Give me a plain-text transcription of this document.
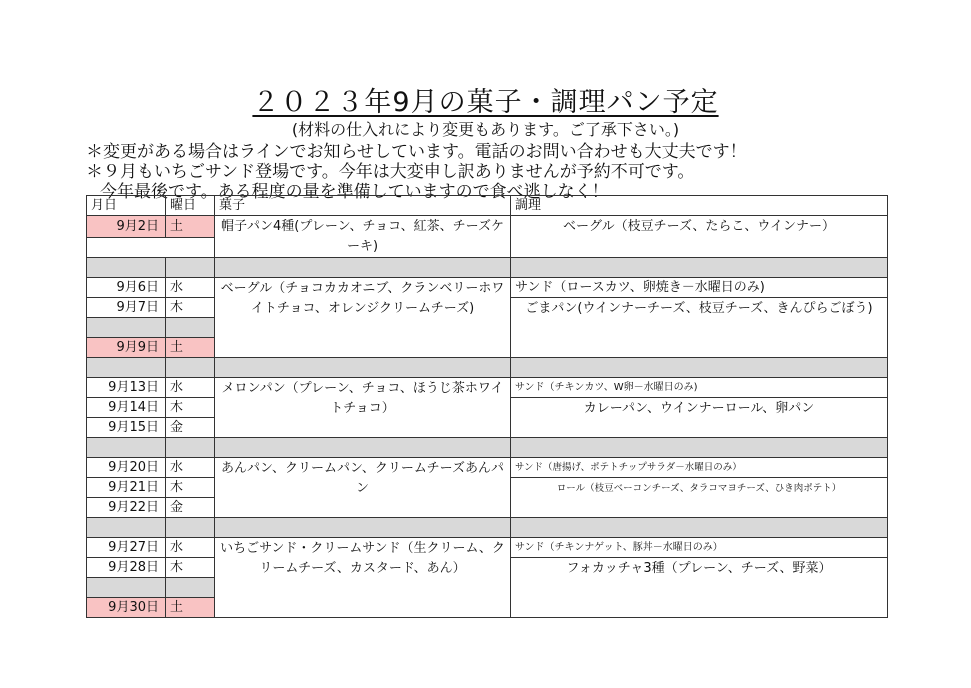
２０２３年9月の菓子・調理パン予定
(材料の仕入れにより変更もあります。ご了承下さい。)
＊変更がある場合はラインでお知らせしています。電話のお問い合わせも大丈夫です！
＊９月もいちごサンド登場です。今年は大変申し訳ありませんが予約不可です。
今年最後です。ある程度の量を準備していますので食べ逃しなく！
月日	曜日	菓子	調理
9月2日	土	帽子パン4種(プレーン、チョコ、紅茶、チーズケーキ)	ベーグル（枝豆チーズ、たらこ、ウインナー）

9月6日	水	ベーグル（チョコカカオニブ、クランベリーホワイトチョコ、オレンジクリームチーズ)	サンド（ロースカツ、卵焼き－水曜日のみ)
9月7日	木		ごまパン(ウインナーチーズ、枝豆チーズ、きんぴらごぼう)

9月9日	土		

9月13日	水	メロンパン（プレーン、チョコ、ほうじ茶ホワイトチョコ）	サンド（チキンカツ、W卵－水曜日のみ)
9月14日	木		カレーパン、ウインナーロール、卵パン
9月15日	金		

9月20日	水	あんパン、クリームパン、クリームチーズあんパン	サンド（唐揚げ、ポテトチップサラダ－水曜日のみ）
9月21日	木		ロール（枝豆ベーコンチーズ、タラコマヨチーズ、ひき肉ポテト）
9月22日	金		

9月27日	水	いちごサンド・クリームサンド（生クリーム、クリームチーズ、カスタード、あん）	サンド（チキンナゲット、豚丼－水曜日のみ）
9月28日	木		フォカッチャ3種（プレーン、チーズ、野菜）

9月30日	土		
